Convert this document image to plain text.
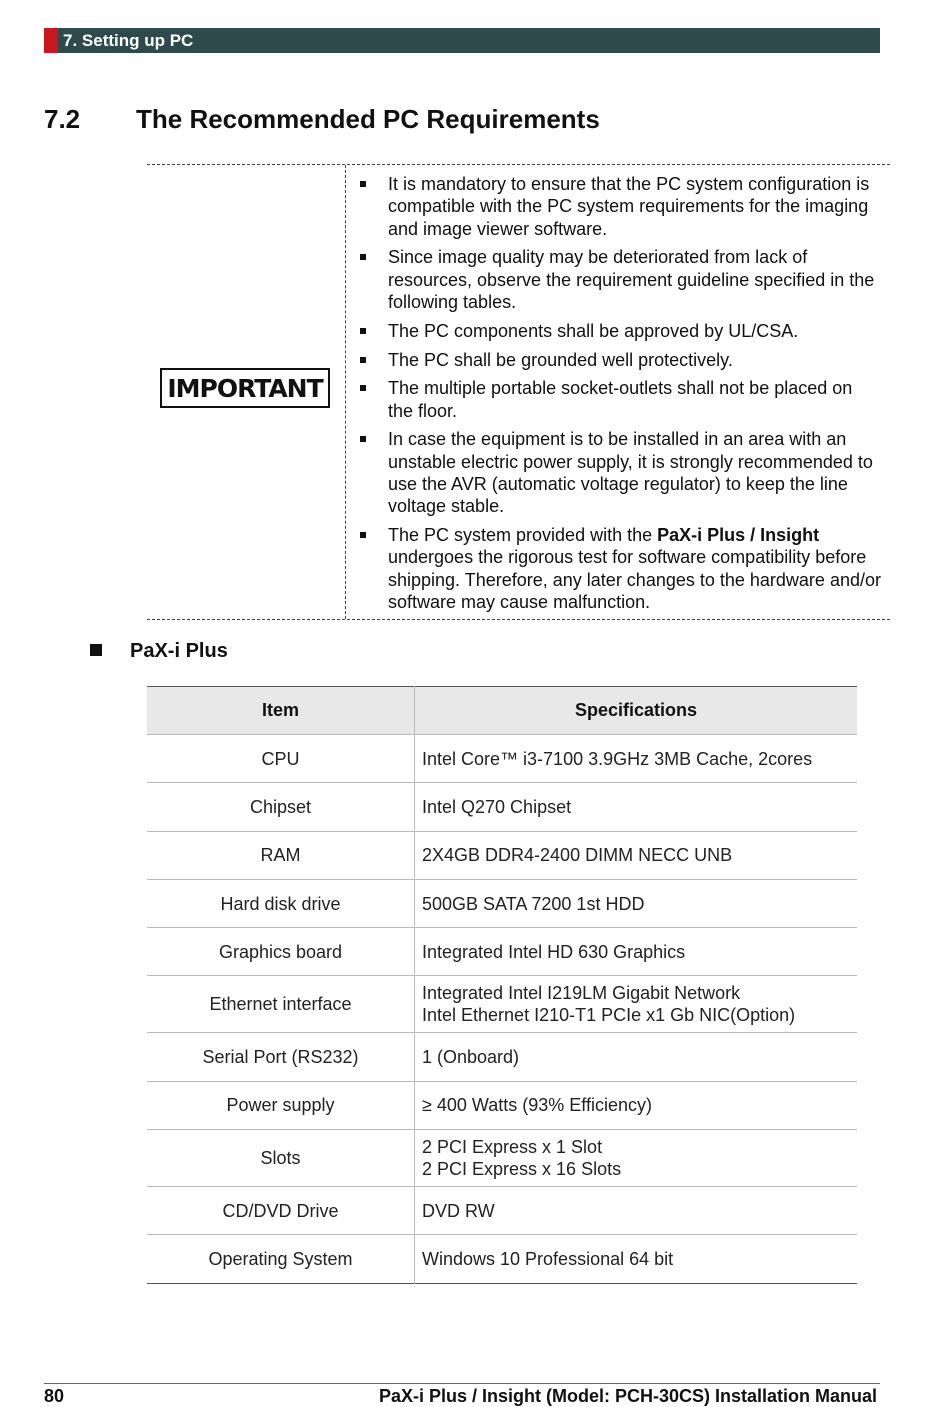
7. Setting up PC
7.2 The Recommended PC Requirements
IMPORTANT
It is mandatory to ensure that the PC system configuration is compatible with the PC system requirements for the imaging and image viewer software.
Since image quality may be deteriorated from lack of resources, observe the requirement guideline specified in the following tables.
The PC components shall be approved by UL/CSA.
The PC shall be grounded well protectively.
The multiple portable socket-outlets shall not be placed on the floor.
In case the equipment is to be installed in an area with an unstable electric power supply, it is strongly recommended to use the AVR (automatic voltage regulator) to keep the line voltage stable.
The PC system provided with the PaX-i Plus / Insight undergoes the rigorous test for software compatibility before shipping. Therefore, any later changes to the hardware and/or software may cause malfunction.
PaX-i Plus
Item	Specifications
CPU	Intel Core™ i3-7100 3.9GHz 3MB Cache, 2cores

Chipset	Intel Q270 Chipset

RAM	2X4GB DDR4-2400 DIMM NECC UNB

Hard disk drive	500GB SATA 7200 1st HDD

Graphics board	Integrated Intel HD 630 Graphics

Ethernet interface	Integrated Intel I219LM Gigabit Network
Intel Ethernet I210-T1 PCIe x1 Gb NIC(Option)

Serial Port (RS232)	1 (Onboard)

Power supply	≥ 400 Watts (93% Efficiency)

Slots	2 PCI Express x 1 Slot
2 PCI Express x 16 Slots

CD/DVD Drive	DVD RW

Operating System	Windows 10 Professional 64 bit
80	PaX-i Plus / Insight (Model: PCH-30CS) Installation Manual
